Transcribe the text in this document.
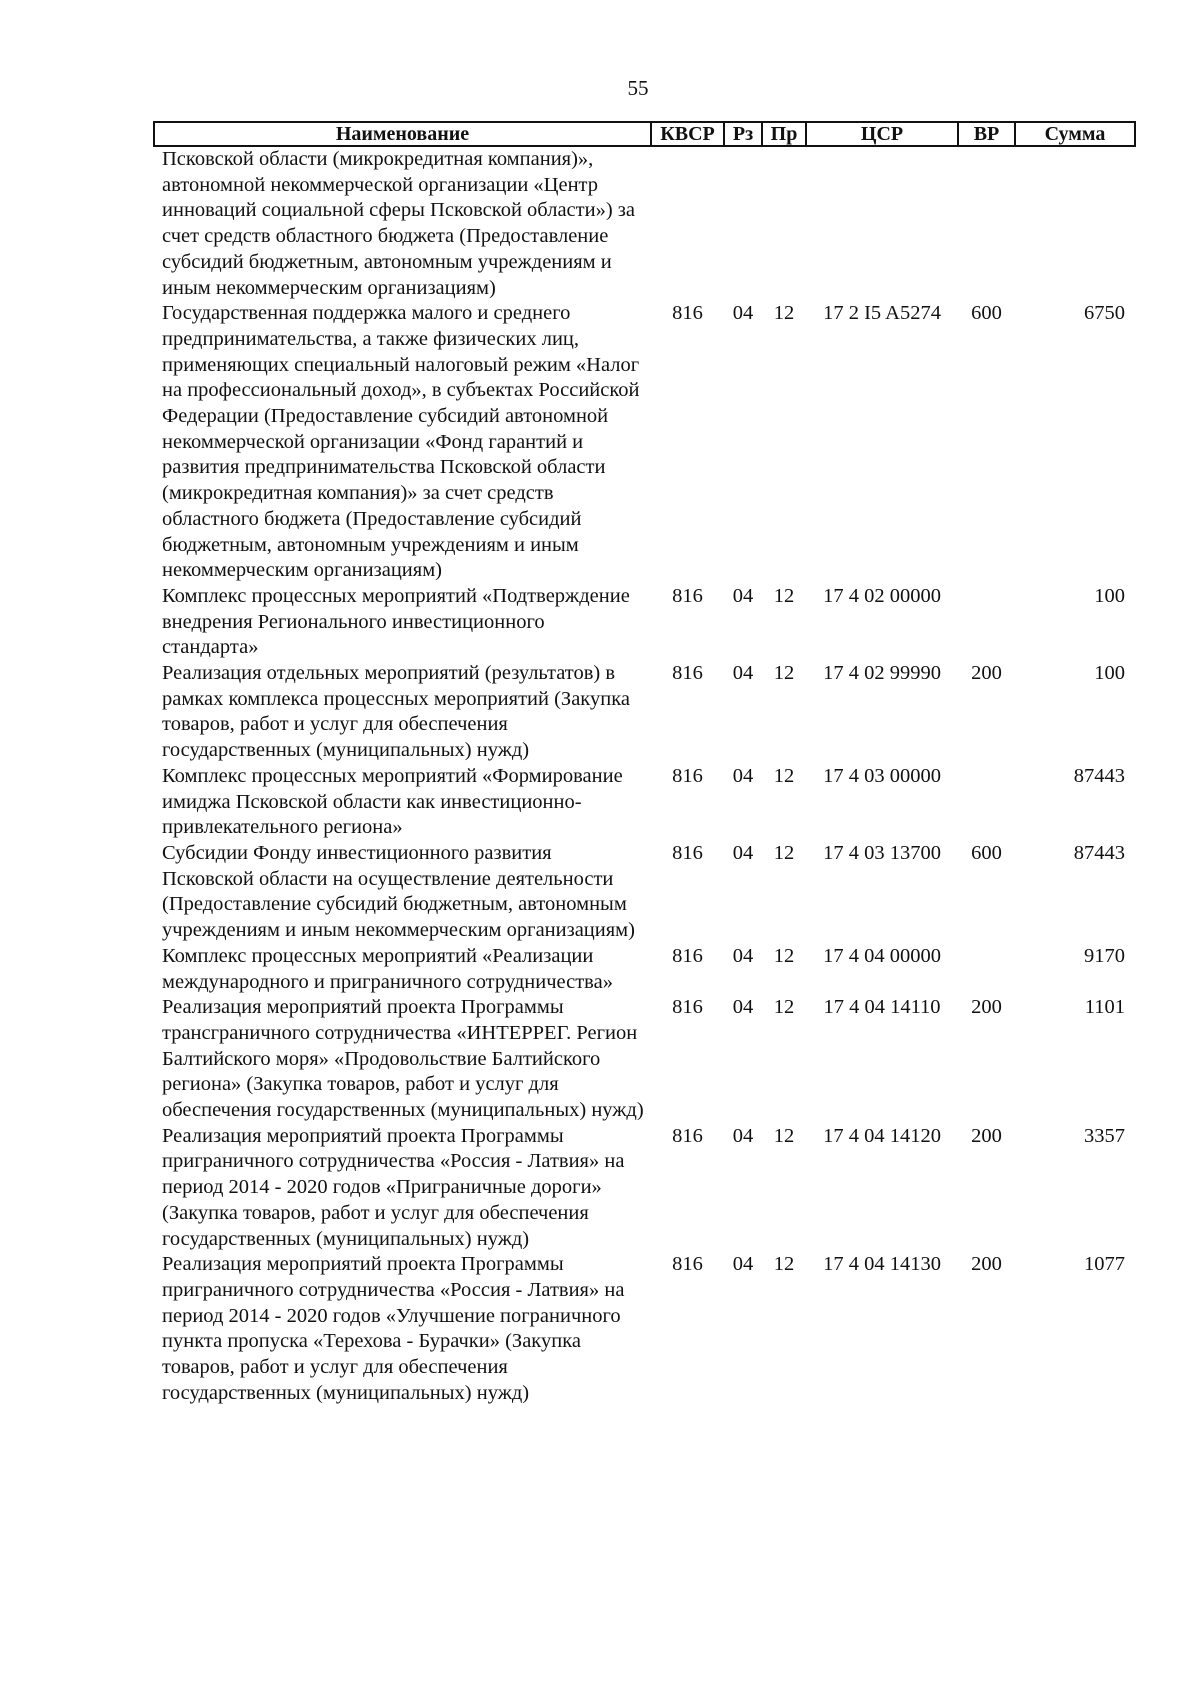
55
Наименование	КВСР	Рз	Пр	ЦСР	ВР	Сумма
Псковской области (микрокредитная компания)», автономной некоммерческой организации «Центр инноваций социальной сферы Псковской области») за счет средств областного бюджета (Предоставление субсидий бюджетным, автономным учреждениям и иным некоммерческим организациям)						
Государственная поддержка малого и среднего предпринимательства, а также физических лиц, применяющих специальный налоговый режим «Налог на профессиональный доход», в субъектах Российской Федерации (Предоставление субсидий автономной некоммерческой организации «Фонд гарантий и развития предпринимательства Псковской области (микрокредитная компания)» за счет средств областного бюджета (Предоставление субсидий бюджетным, автономным учреждениям и иным некоммерческим организациям)	816	04	12	17 2 I5 A5274	600	6750
Комплекс процессных мероприятий «Подтверждение внедрения Регионального инвестиционного стандарта»	816	04	12	17 4 02 00000		100
Реализация отдельных мероприятий (результатов) в рамках комплекса процессных мероприятий (Закупка товаров, работ и услуг для обеспечения государственных (муниципальных) нужд)	816	04	12	17 4 02 99990	200	100
Комплекс процессных мероприятий «Формирование имиджа Псковской области как инвестиционно-привлекательного региона»	816	04	12	17 4 03 00000		87443
Субсидии Фонду инвестиционного развития Псковской области на осуществление деятельности (Предоставление субсидий бюджетным, автономным учреждениям и иным некоммерческим организациям)	816	04	12	17 4 03 13700	600	87443
Комплекс процессных мероприятий «Реализации международного и приграничного сотрудничества»	816	04	12	17 4 04 00000		9170
Реализация мероприятий проекта Программы трансграничного сотрудничества «ИНТЕРРЕГ. Регион Балтийского моря» «Продовольствие Балтийского региона» (Закупка товаров, работ и услуг для обеспечения государственных (муниципальных) нужд)	816	04	12	17 4 04 14110	200	1101
Реализация мероприятий проекта Программы приграничного сотрудничества «Россия - Латвия» на период 2014 - 2020 годов «Приграничные дороги» (Закупка товаров, работ и услуг для обеспечения государственных (муниципальных) нужд)	816	04	12	17 4 04 14120	200	3357
Реализация мероприятий проекта Программы приграничного сотрудничества «Россия - Латвия» на период 2014 - 2020 годов «Улучшение пограничного пункта пропуска «Терехова - Бурачки» (Закупка товаров, работ и услуг для обеспечения государственных (муниципальных) нужд)	816	04	12	17 4 04 14130	200	1077
